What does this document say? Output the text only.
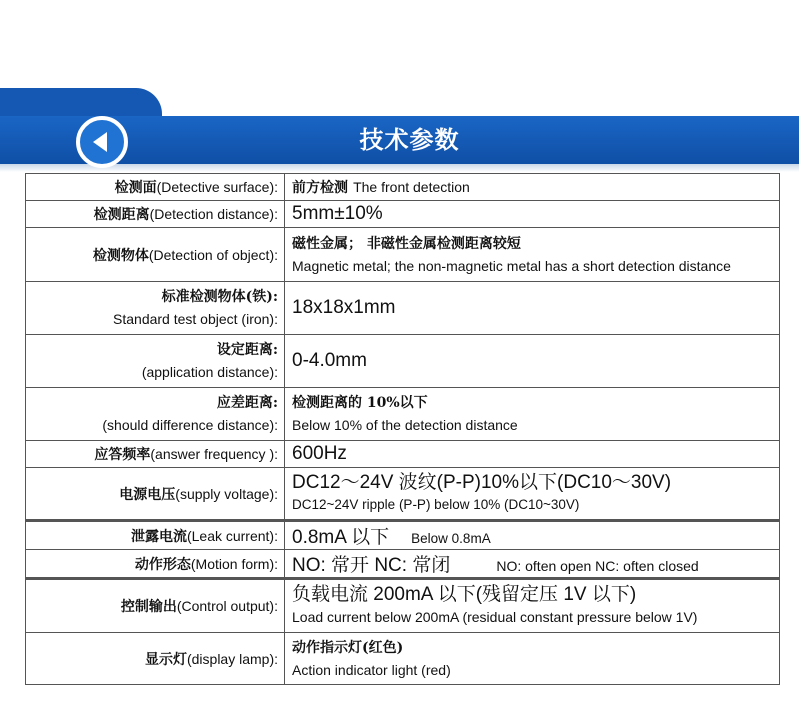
技术参数
检测面(Detective surface):	前方检测 The front detection
检测距离(Detection distance):	5mm±10%
检测物体(Detection of object):	磁性金属； 非磁性金属检测距离较短
Magnetic metal; the non-magnetic metal has a short detection distance

标准检测物体(铁):
Standard test object (iron):	18x18x1mm

设定距离:
(application distance):	0-4.0mm

应差距离:
(should difference distance):	检测距离的 10%以下
Below 10% of the detection distance

应答频率(answer frequency ):	600Hz
电源电压(supply voltage):	DC12～24V 波纹(P-P)10%以下(DC10～30V)
DC12~24V ripple (P-P) below 10% (DC10~30V)

泄露电流(Leak current):	0.8mA 以下 Below 0.8mA
动作形态(Motion form):	NO: 常开 NC: 常闭 NO: often open NC: often closed
控制输出(Control output):	负载电流 200mA 以下(残留定压 1V 以下)
Load current below 200mA (residual constant pressure below 1V)

显示灯(display lamp):	动作指示灯(红色)
Action indicator light (red)
